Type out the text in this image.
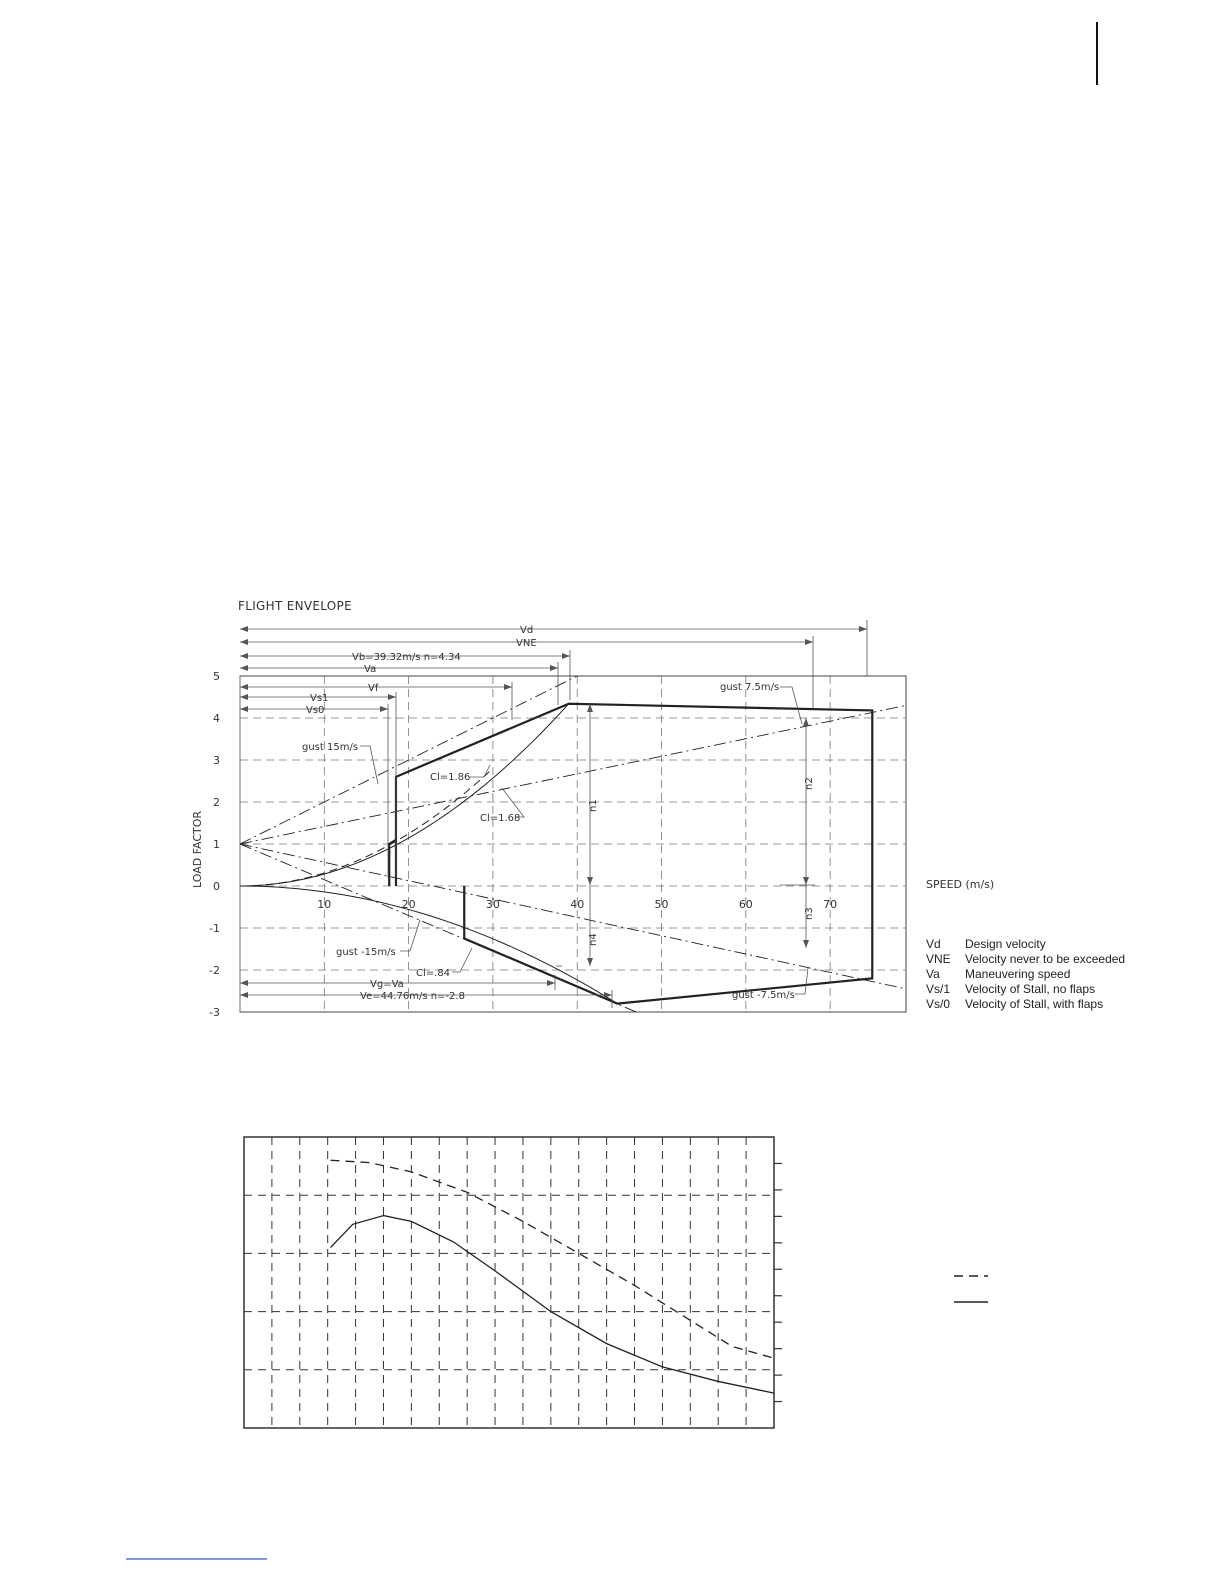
FLIGHT ENVELOPE
10	20	30	40	50	60	70
5
4
3
2
1
0
-1
-2
-3
LOAD FACTOR	SPEED (m/s)
Vd
VNE
Vb=39.32m/s n=4.34
Va
Vf
Vs1
Vs0
gust 15m/s
gust 7.5m/s
gust -15m/s
gust -7.5m/s
Cl=1.86
Cl=1.68
Cl=.84
Vg=Va
Ve=44.76m/s n=-2.8
n1
n4
n2
n3
Vd Design velocity
VNE Velocity never to be exceeded
Va Maneuvering speed
Vs/1 Velocity of Stall, no flaps
Vs/0 Velocity of Stall, with flaps
